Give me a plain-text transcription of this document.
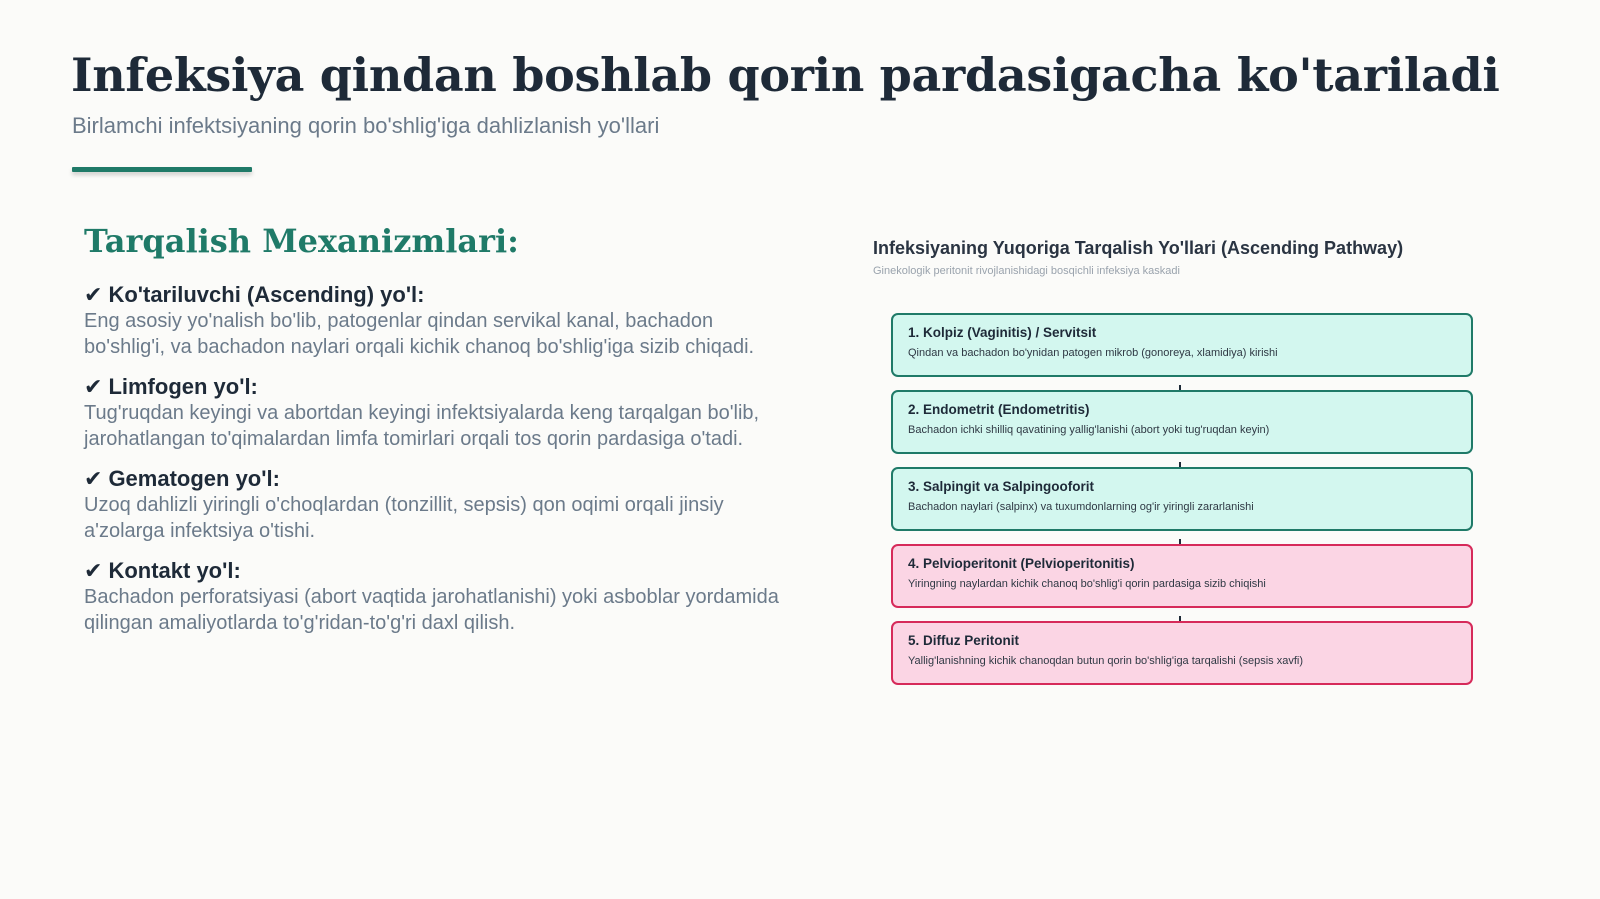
Infeksiya qindan boshlab qorin pardasigacha ko'tariladi
Birlamchi infektsiyaning qorin bo'shlig'iga dahlizlanish yo'llari
Tarqalish Mexanizmlari:
✔ Ko'tariluvchi (Ascending) yo'l:
Eng asosiy yo'nalish bo'lib, patogenlar qindan servikal kanal, bachadon bo'shlig'i, va bachadon naylari orqali kichik chanoq bo'shlig'iga sizib chiqadi.
✔ Limfogen yo'l:
Tug'ruqdan keyingi va abortdan keyingi infektsiyalarda keng tarqalgan bo'lib, jarohatlangan to'qimalardan limfa tomirlari orqali tos qorin pardasiga o'tadi.
✔ Gematogen yo'l:
Uzoq dahlizli yiringli o'choqlardan (tonzillit, sepsis) qon oqimi orqali jinsiy a'zolarga infektsiya o'tishi.
✔ Kontakt yo'l:
Bachadon perforatsiyasi (abort vaqtida jarohatlanishi) yoki asboblar yordamida qilingan amaliyotlarda to'g'ridan-to'g'ri daxl qilish.
Infeksiyaning Yuqoriga Tarqalish Yo'llari (Ascending Pathway)
Ginekologik peritonit rivojlanishidagi bosqichli infeksiya kaskadi
1. Kolpiz (Vaginitis) / Servitsit
Qindan va bachadon bo'ynidan patogen mikrob (gonoreya, xlamidiya) kirishi
2. Endometrit (Endometritis)
Bachadon ichki shilliq qavatining yallig'lanishi (abort yoki tug'ruqdan keyin)
3. Salpingit va Salpingooforit
Bachadon naylari (salpinx) va tuxumdonlarning og'ir yiringli zararlanishi
4. Pelvioperitonit (Pelvioperitonitis)
Yiringning naylardan kichik chanoq bo'shlig'i qorin pardasiga sizib chiqishi
5. Diffuz Peritonit
Yallig'lanishning kichik chanoqdan butun qorin bo'shlig'iga tarqalishi (sepsis xavfi)
